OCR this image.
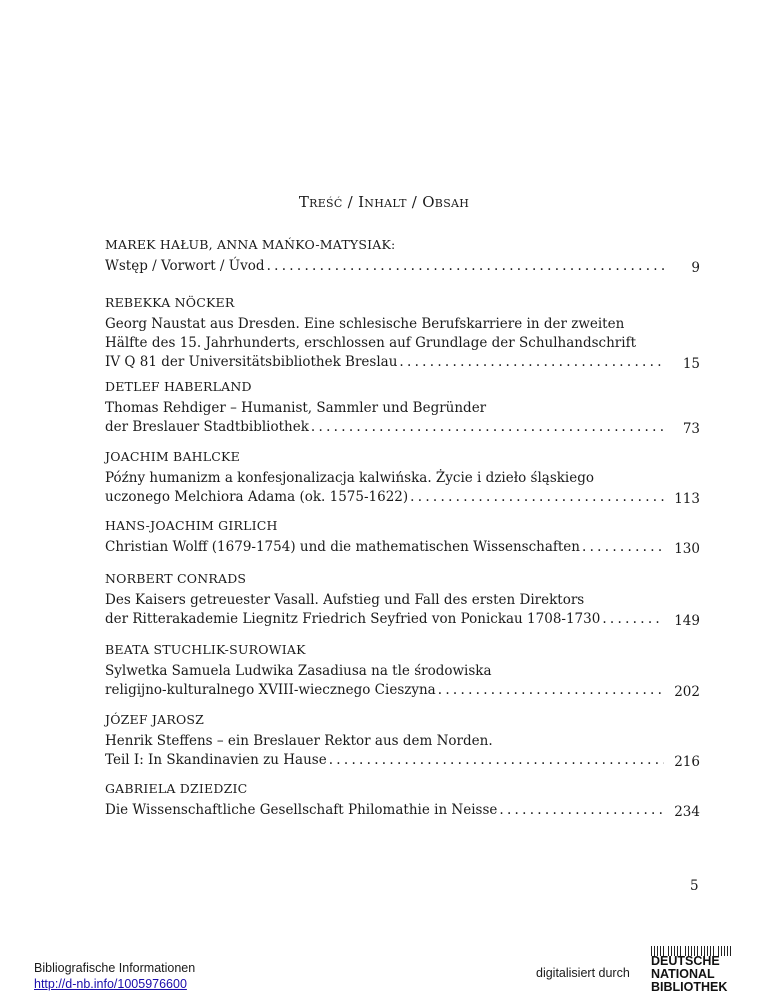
Treść / Inhalt / Obsah
MAREK HAŁUB, ANNA MAŃKO-MATYSIAK:
Wstęp / Vorwort / Úvod . . .	9
REBEKKA NÖCKER
Georg Naustat aus Dresden. Eine schlesische Berufskarriere in der zweiten
Hälfte des 15. Jahrhunderts, erschlossen auf Grundlage der Schulhandschrift
IV Q 81 der Universitätsbibliothek Breslau . . .	15
DETLEF HABERLAND
Thomas Rehdiger – Humanist, Sammler und Begründer
der Breslauer Stadtbibliothek . . .	73
JOACHIM BAHLCKE
Późny humanizm a konfesjonalizacja kalwińska. Życie i dzieło śląskiego
uczonego Melchiora Adama (ok. 1575-1622) . . .	113
HANS-JOACHIM GIRLICH
Christian Wolff (1679-1754) und die mathematischen Wissenschaften . . .	130
NORBERT CONRADS
Des Kaisers getreuester Vasall. Aufstieg und Fall des ersten Direktors
der Ritterakademie Liegnitz Friedrich Seyfried von Ponickau 1708-1730 . . .	149
BEATA STUCHLIK-SUROWIAK
Sylwetka Samuela Ludwika Zasadiusa na tle środowiska
religijno-kulturalnego XVIII-wiecznego Cieszyna . . .	202
JÓZEF JAROSZ
Henrik Steffens – ein Breslauer Rektor aus dem Norden.
Teil I: In Skandinavien zu Hause . . .	216
GABRIELA DZIEDZIC
Die Wissenschaftliche Gesellschaft Philomathie in Neisse . . .	234
5
Bibliografische Informationen
http://d-nb.info/1005976600
digitalisiert durch
DEUTSCHE
NATIONAL
BIBLIOTHEK
